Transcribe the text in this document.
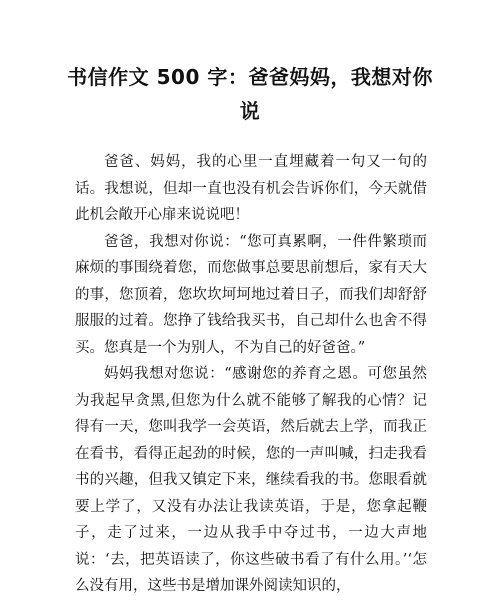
书信作文 500 字：爸爸妈妈，我想对你说

爸爸、妈妈，我的心里一直埋藏着一句又一句的话。我想说，但却一直也没有机会告诉你们，今天就借此机会敞开心扉来说说吧！

爸爸，我想对你说：“您可真累啊，一件件繁琐而麻烦的事围绕着您，而您做事总要思前想后，家有天大的事，您顶着，您坎坎坷坷地过着日子，而我们却舒舒服服的过着。您挣了钱给我买书，自己却什么也舍不得买。您真是一个为别人，不为自己的好爸爸。”

妈妈我想对您说：“感谢您的养育之恩。可您虽然为我起早贪黑,但您为什么就不能够了解我的心情？记得有一天，您叫我学一会英语，然后就去上学，而我正在看书，看得正起劲的时候，您的一声叫喊，扫走我看书的兴趣，但我又镇定下来，继续看我的书。您眼看就要上学了，又没有办法让我读英语，于是，您拿起鞭子，走了过来，一边从我手中夺过书，一边大声地说：‘去，把英语读了，你这些破书看了有什么用。’‘怎么没有用，这些书是增加课外阅读知识的，
